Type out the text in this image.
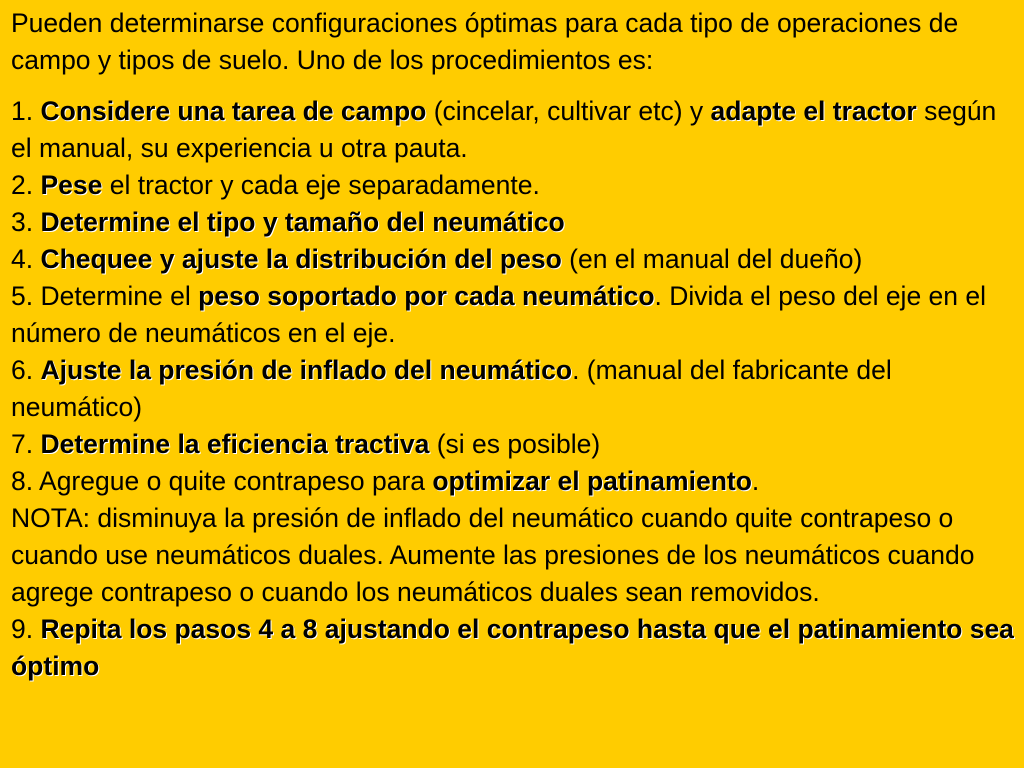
Pueden determinarse configuraciones óptimas para cada tipo de operaciones de campo y tipos de suelo. Uno de los procedimientos es:

1. Considere una tarea de campo (cincelar, cultivar etc) y adapte el tractor según el manual, su experiencia u otra pauta.

2. Pese el tractor y cada eje separadamente.

3. Determine el tipo y tamaño del neumático

4. Chequee y ajuste la distribución del peso (en el manual del dueño)

5. Determine el peso soportado por cada neumático. Divida el peso del eje en el número de neumáticos en el eje.

6. Ajuste la presión de inflado del neumático. (manual del fabricante del neumático)

7. Determine la eficiencia tractiva (si es posible)

8. Agregue o quite contrapeso para optimizar el patinamiento.

NOTA: disminuya la presión de inflado del neumático cuando quite contrapeso o cuando use neumáticos duales. Aumente las presiones de los neumáticos cuando agrege contrapeso o cuando los neumáticos duales sean removidos.

9. Repita los pasos 4 a 8 ajustando el contrapeso hasta que el patinamiento sea óptimo
